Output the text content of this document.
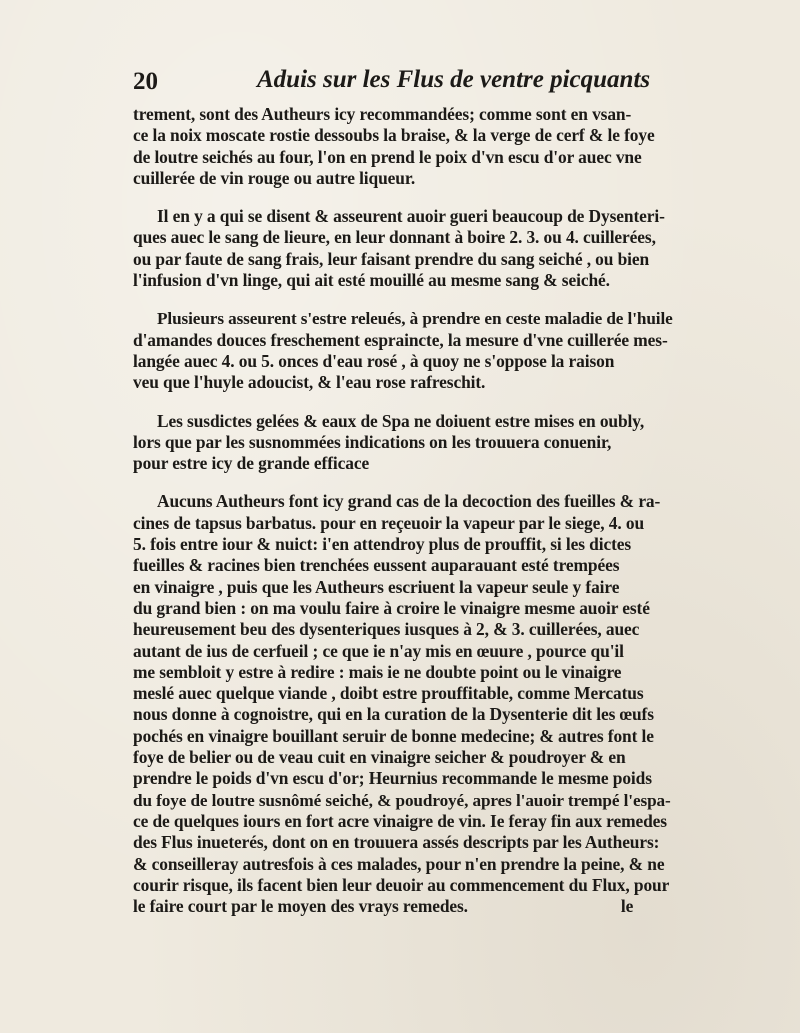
20	Aduis sur les Flus de ventre picquants

trement, sont des Autheurs icy recommandées; comme sont en vsan-
ce la noix moscate rostie dessoubs la braise, & la verge de cerf & le foye
de loutre seichés au four, l'on en prend le poix d'vn escu d'or auec vne
cuillerée de vin rouge ou autre liqueur.

Il en y a qui se disent & asseurent auoir gueri beaucoup de Dysenteri-
ques auec le sang de lieure, en leur donnant à boire 2. 3. ou 4. cuillerées,
ou par faute de sang frais, leur faisant prendre du sang seiché , ou bien
l'infusion d'vn linge, qui ait esté mouillé au mesme sang & seiché.

Plusieurs asseurent s'estre releués, à prendre en ceste maladie de l'huile
d'amandes douces freschement espraincte, la mesure d'vne cuillerée mes-
langée auec 4. ou 5. onces d'eau rosé , à quoy ne s'oppose la raison
veu que l'huyle adoucist, & l'eau rose rafreschit.

Les susdictes gelées & eaux de Spa ne doiuent estre mises en oubly,
lors que par les susnommées indications on les trouuera conuenir,
pour estre icy de grande efficace

Aucuns Autheurs font icy grand cas de la decoction des fueilles & ra-
cines de tapsus barbatus. pour en reçeuoir la vapeur par le siege, 4. ou
5. fois entre iour & nuict: i'en attendroy plus de prouffit, si les dictes
fueilles & racines bien trenchées eussent auparauant esté trempées
en vinaigre , puis que les Autheurs escriuent la vapeur seule y faire
du grand bien : on ma voulu faire à croire le vinaigre mesme auoir esté
heureusement beu des dysenteriques iusques à 2, & 3. cuillerées, auec
autant de ius de cerfueil ; ce que ie n'ay mis en œuure , pource qu'il
me sembloit y estre à redire : mais ie ne doubte point ou le vinaigre
meslé auec quelque viande , doibt estre prouffitable, comme Mercatus
nous donne à cognoistre, qui en la curation de la Dysenterie dit les œufs
pochés en vinaigre bouillant seruir de bonne medecine; & autres font le
foye de belier ou de veau cuit en vinaigre seicher & poudroyer & en
prendre le poids d'vn escu d'or; Heurnius recommande le mesme poids
du foye de loutre susnômé seiché, & poudroyé, apres l'auoir trempé l'espa-
ce de quelques iours en fort acre vinaigre de vin. Ie feray fin aux remedes
des Flus inueterés, dont on en trouuera assés descripts par les Autheurs:
& conseilleray autresfois à ces malades, pour n'en prendre la peine, & ne
courir risque, ils facent bien leur deuoir au commencement du Flux, pour
le faire court par le moyen des vrays remedes.                                    le
